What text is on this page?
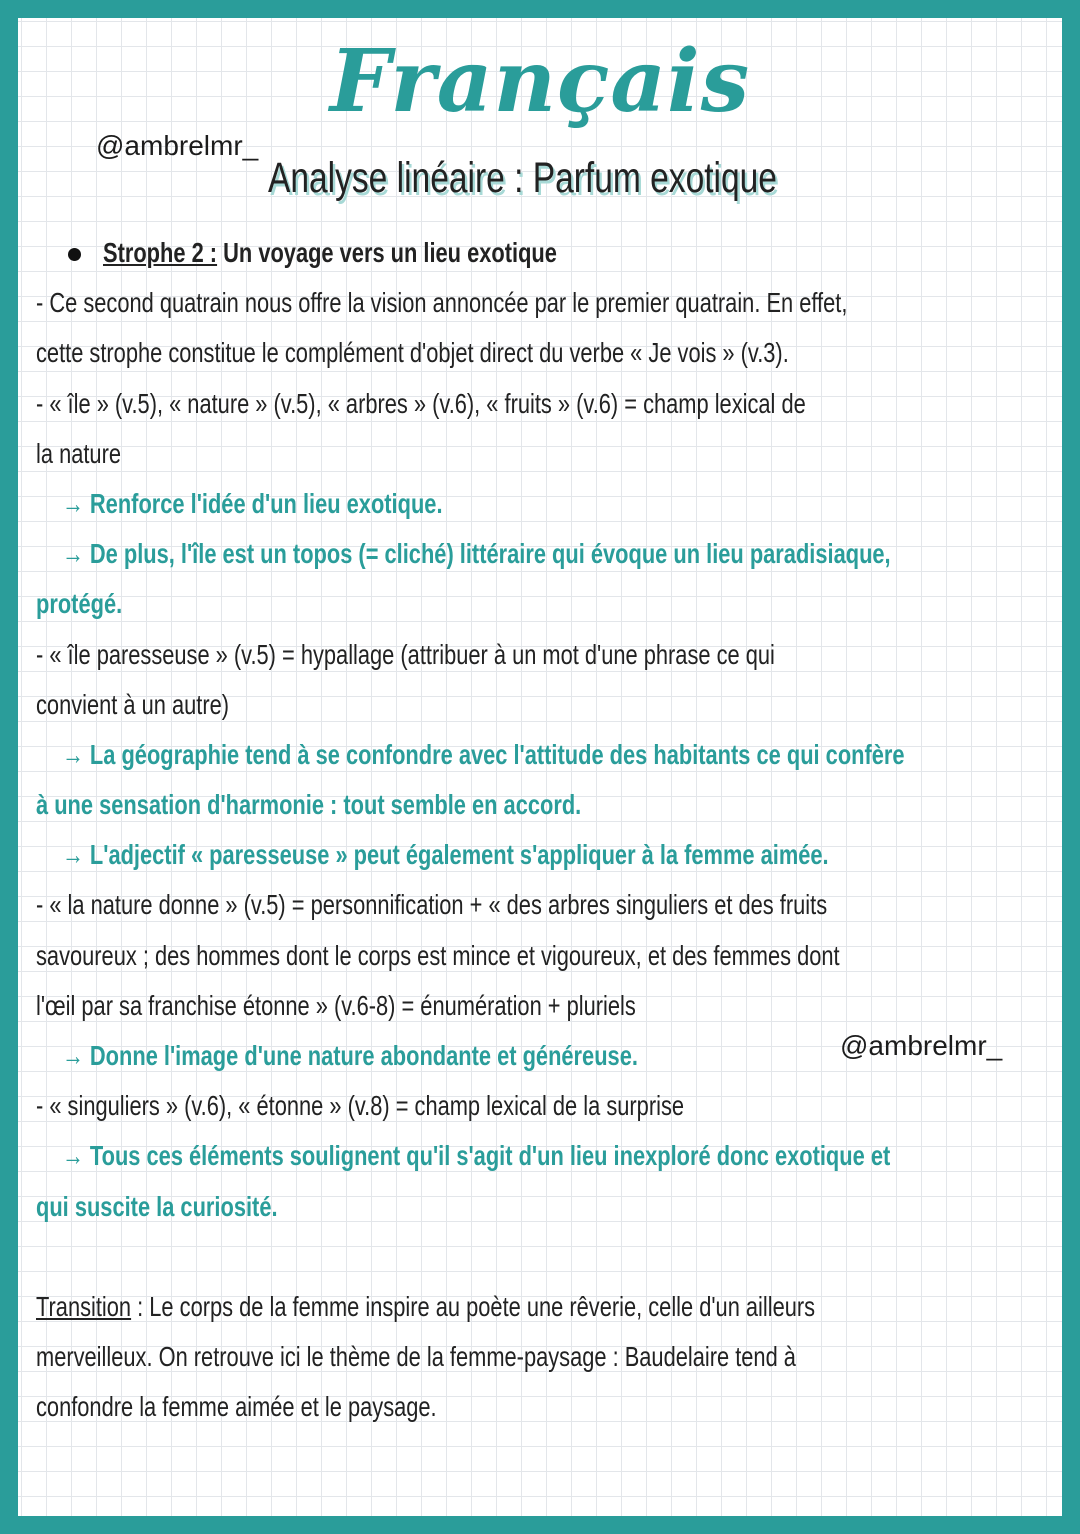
Français
@ambrelmr_
Analyse linéaire : Parfum exotique
Strophe 2 : Un voyage vers un lieu exotique
- Ce second quatrain nous offre la vision annoncée par le premier quatrain. En effet,
cette strophe constitue le complément d'objet direct du verbe « Je vois » (v.3).
- « île » (v.5), « nature » (v.5), « arbres » (v.6), « fruits » (v.6) = champ lexical de
la nature
→ Renforce l'idée d'un lieu exotique.
→ De plus, l'île est un topos (= cliché) littéraire qui évoque un lieu paradisiaque,
protégé.
- « île paresseuse » (v.5) = hypallage (attribuer à un mot d'une phrase ce qui
convient à un autre)
→ La géographie tend à se confondre avec l'attitude des habitants ce qui confère
à une sensation d'harmonie : tout semble en accord.
→ L'adjectif « paresseuse » peut également s'appliquer à la femme aimée.
- « la nature donne » (v.5) = personnification + « des arbres singuliers et des fruits
savoureux ; des hommes dont le corps est mince et vigoureux, et des femmes dont
l'œil par sa franchise étonne » (v.6-8) = énumération + pluriels
→ Donne l'image d'une nature abondante et généreuse.
- « singuliers » (v.6), « étonne » (v.8) = champ lexical de la surprise
→ Tous ces éléments soulignent qu'il s'agit d'un lieu inexploré donc exotique et
qui suscite la curiosité.
Transition : Le corps de la femme inspire au poète une rêverie, celle d'un ailleurs
merveilleux. On retrouve ici le thème de la femme-paysage : Baudelaire tend à
confondre la femme aimée et le paysage.
@ambrelmr_
